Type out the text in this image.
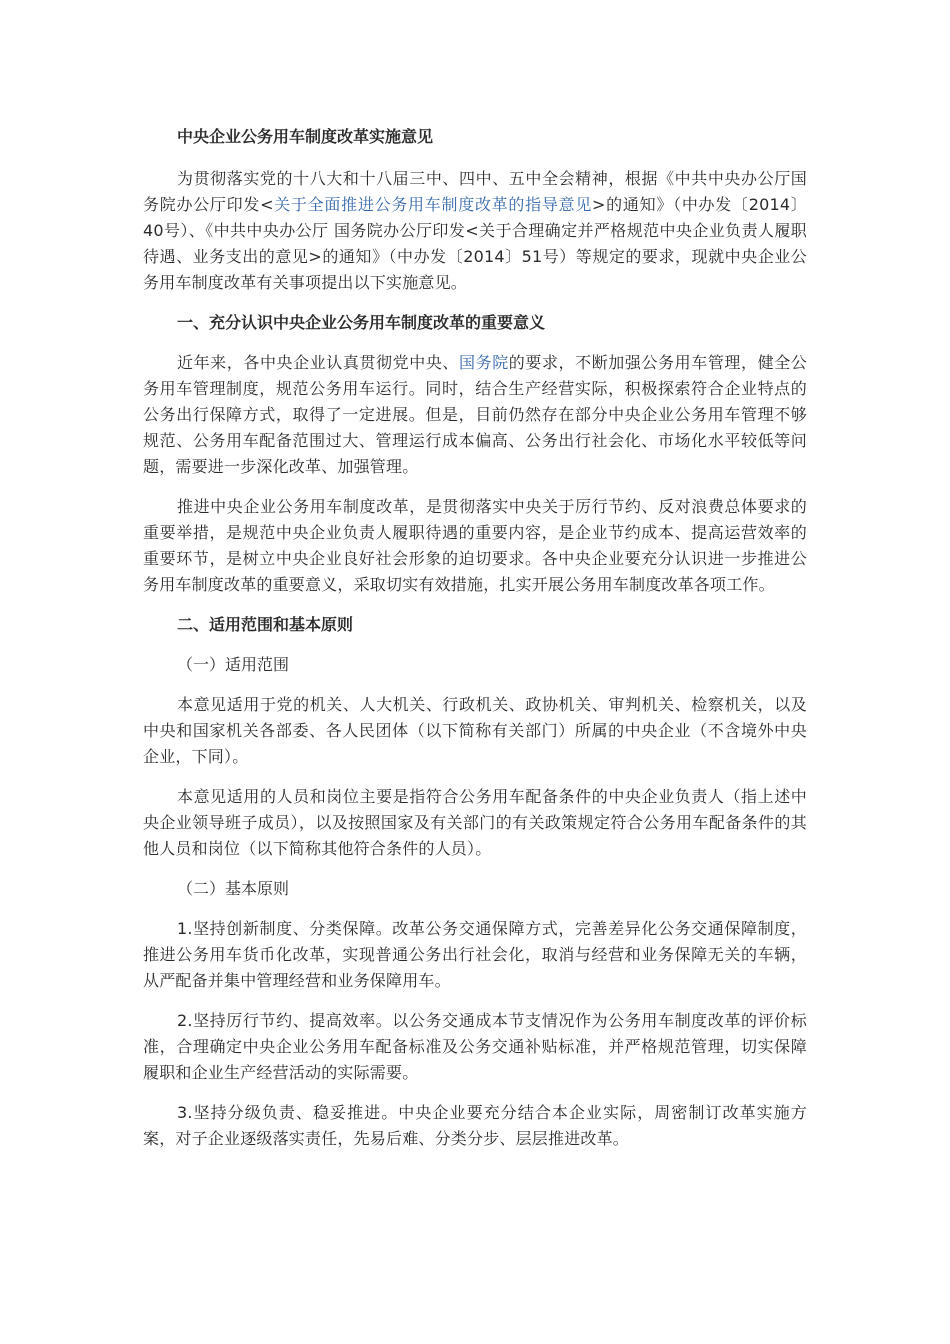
中央企业公务用车制度改革实施意见

为贯彻落实党的十八大和十八届三中、四中、五中全会精神，根据《中共中央办公厅国务院办公厅印发<关于全面推进公务用车制度改革的指导意见>的通知》（中办发〔2014〕40号）、《中共中央办公厅 国务院办公厅印发<关于合理确定并严格规范中央企业负责人履职待遇、业务支出的意见>的通知》（中办发〔2014〕51号）等规定的要求，现就中央企业公务用车制度改革有关事项提出以下实施意见。

一、充分认识中央企业公务用车制度改革的重要意义

近年来，各中央企业认真贯彻党中央、国务院的要求，不断加强公务用车管理，健全公务用车管理制度，规范公务用车运行。同时，结合生产经营实际，积极探索符合企业特点的公务出行保障方式，取得了一定进展。但是，目前仍然存在部分中央企业公务用车管理不够规范、公务用车配备范围过大、管理运行成本偏高、公务出行社会化、市场化水平较低等问题，需要进一步深化改革、加强管理。

推进中央企业公务用车制度改革，是贯彻落实中央关于厉行节约、反对浪费总体要求的重要举措，是规范中央企业负责人履职待遇的重要内容，是企业节约成本、提高运营效率的重要环节，是树立中央企业良好社会形象的迫切要求。各中央企业要充分认识进一步推进公务用车制度改革的重要意义，采取切实有效措施，扎实开展公务用车制度改革各项工作。

二、适用范围和基本原则

（一）适用范围

本意见适用于党的机关、人大机关、行政机关、政协机关、审判机关、检察机关，以及中央和国家机关各部委、各人民团体（以下简称有关部门）所属的中央企业（不含境外中央企业，下同）。

本意见适用的人员和岗位主要是指符合公务用车配备条件的中央企业负责人（指上述中央企业领导班子成员），以及按照国家及有关部门的有关政策规定符合公务用车配备条件的其他人员和岗位（以下简称其他符合条件的人员）。

（二）基本原则

1.坚持创新制度、分类保障。改革公务交通保障方式，完善差异化公务交通保障制度，推进公务用车货币化改革，实现普通公务出行社会化，取消与经营和业务保障无关的车辆，从严配备并集中管理经营和业务保障用车。

2.坚持厉行节约、提高效率。以公务交通成本节支情况作为公务用车制度改革的评价标准，合理确定中央企业公务用车配备标准及公务交通补贴标准，并严格规范管理，切实保障履职和企业生产经营活动的实际需要。

3.坚持分级负责、稳妥推进。中央企业要充分结合本企业实际，周密制订改革实施方案，对子企业逐级落实责任，先易后难、分类分步、层层推进改革。
